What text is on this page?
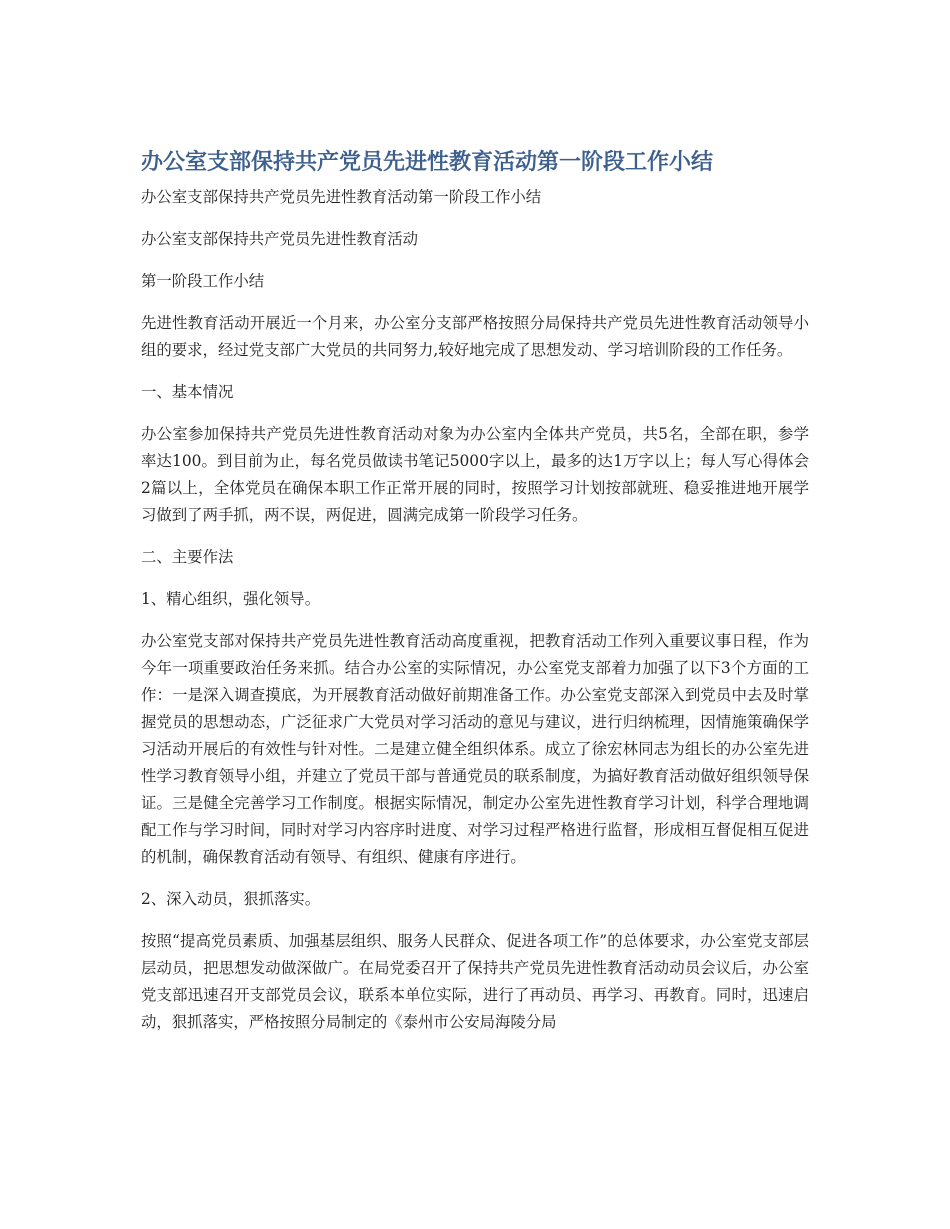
办公室支部保持共产党员先进性教育活动第一阶段工作小结

办公室支部保持共产党员先进性教育活动第一阶段工作小结

办公室支部保持共产党员先进性教育活动

第一阶段工作小结

先进性教育活动开展近一个月来，办公室分支部严格按照分局保持共产党员先进性教育活动领导小组的要求，经过党支部广大党员的共同努力,较好地完成了思想发动、学习培训阶段的工作任务。

一、基本情况

办公室参加保持共产党员先进性教育活动对象为办公室内全体共产党员，共5名，全部在职，参学率达100。到目前为止，每名党员做读书笔记5000字以上，最多的达1万字以上；每人写心得体会2篇以上，全体党员在确保本职工作正常开展的同时，按照学习计划按部就班、稳妥推进地开展学习做到了两手抓，两不误，两促进，圆满完成第一阶段学习任务。

二、主要作法

1、精心组织，强化领导。

办公室党支部对保持共产党员先进性教育活动高度重视，把教育活动工作列入重要议事日程，作为今年一项重要政治任务来抓。结合办公室的实际情况，办公室党支部着力加强了以下3个方面的工作：一是深入调查摸底，为开展教育活动做好前期准备工作。办公室党支部深入到党员中去及时掌握党员的思想动态，广泛征求广大党员对学习活动的意见与建议，进行归纳梳理，因情施策确保学习活动开展后的有效性与针对性。二是建立健全组织体系。成立了徐宏林同志为组长的办公室先进性学习教育领导小组，并建立了党员干部与普通党员的联系制度，为搞好教育活动做好组织领导保证。三是健全完善学习工作制度。根据实际情况，制定办公室先进性教育学习计划，科学合理地调配工作与学习时间，同时对学习内容序时进度、对学习过程严格进行监督，形成相互督促相互促进的机制，确保教育活动有领导、有组织、健康有序进行。

2、深入动员，狠抓落实。

按照“提高党员素质、加强基层组织、服务人民群众、促进各项工作”的总体要求，办公室党支部层层动员，把思想发动做深做广。在局党委召开了保持共产党员先进性教育活动动员会议后，办公室党支部迅速召开支部党员会议，联系本单位实际，进行了再动员、再学习、再教育。同时，迅速启动，狠抓落实，严格按照分局制定的《泰州市公安局海陵分局
